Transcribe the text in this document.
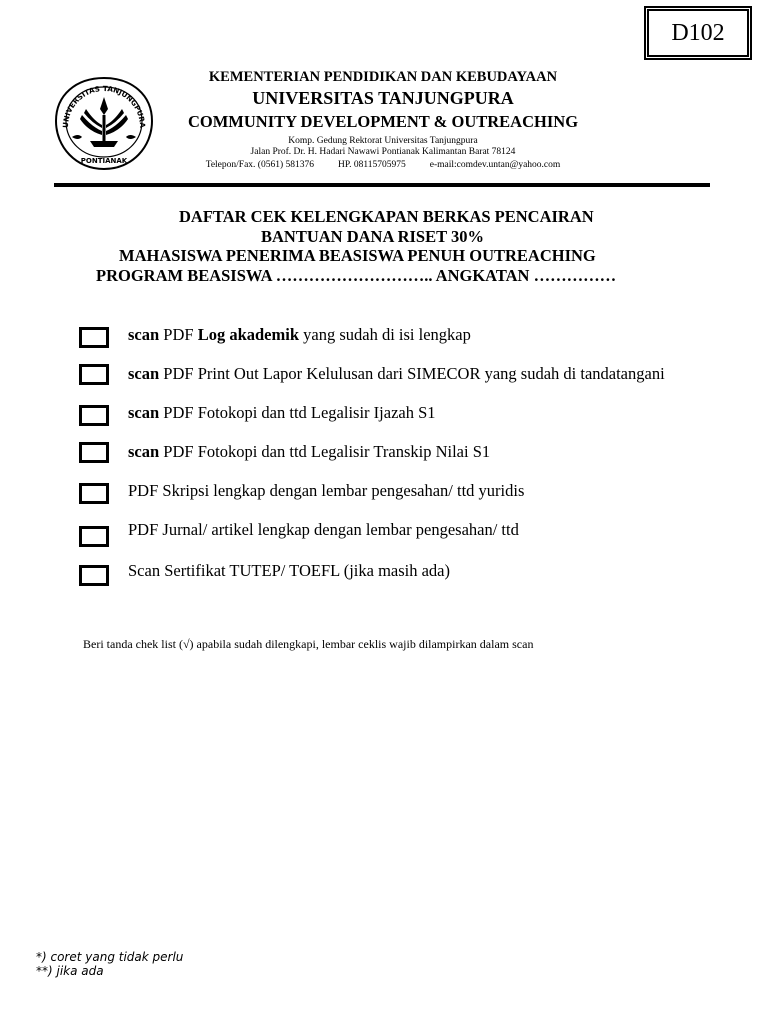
D102
UNIVERSITAS TANJUNGPURA
PONTIANAK
KEMENTERIAN PENDIDIKAN DAN KEBUDAYAAN
UNIVERSITAS TANJUNGPURA
COMMUNITY DEVELOPMENT & OUTREACHING
Komp. Gedung Rektorat Universitas Tanjungpura
Jalan Prof. Dr. H. Hadari Nawawi Pontianak Kalimantan Barat 78124
Telepon/Fax. (0561) 581376	HP. 08115705975	e-mail:comdev.untan@yahoo.com
DAFTAR CEK KELENGKAPAN BERKAS PENCAIRAN
BANTUAN DANA RISET 30%
MAHASISWA PENERIMA BEASISWA PENUH OUTREACHING
PROGRAM BEASISWA ……………………….. ANGKATAN ……………
scan PDF Log akademik yang sudah di isi lengkap
scan PDF Print Out Lapor Kelulusan dari SIMECOR yang sudah di tandatangani
scan PDF Fotokopi dan ttd Legalisir Ijazah S1
scan PDF Fotokopi dan ttd Legalisir Transkip Nilai S1
PDF Skripsi lengkap dengan lembar pengesahan/ ttd yuridis
PDF Jurnal/ artikel lengkap dengan lembar pengesahan/ ttd
Scan Sertifikat TUTEP/ TOEFL (jika masih ada)
Beri tanda chek list (√) apabila sudah dilengkapi, lembar ceklis wajib dilampirkan dalam scan
*) coret yang tidak perlu
**) jika ada
